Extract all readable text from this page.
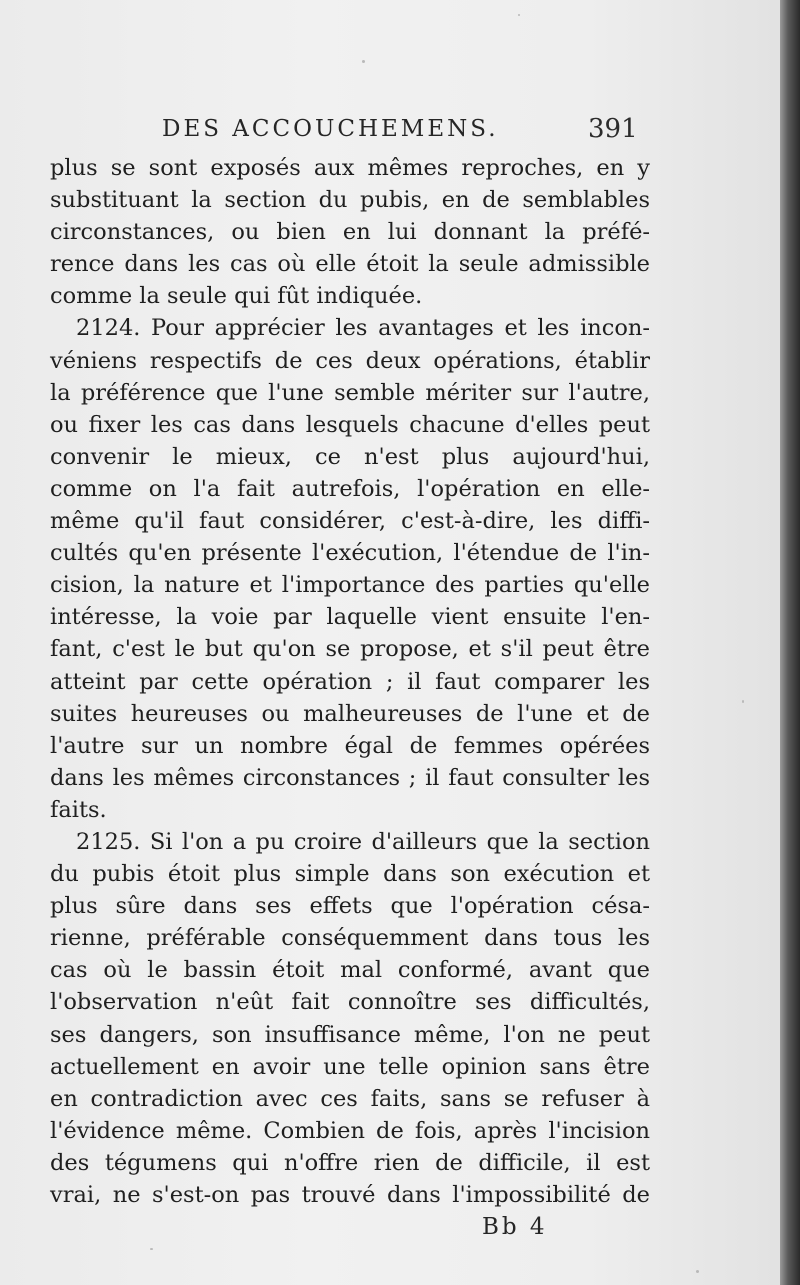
DES ACCOUCHEMENS.	391
plus se sont exposés aux mêmes reproches, en y
substituant la section du pubis, en de semblables
circonstances, ou bien en lui donnant la préfé-
rence dans les cas où elle étoit la seule admissible
comme la seule qui fût indiquée.
2124. Pour apprécier les avantages et les incon-
véniens respectifs de ces deux opérations, établir
la préférence que l'une semble mériter sur l'autre,
ou fixer les cas dans lesquels chacune d'elles peut
convenir le mieux, ce n'est plus aujourd'hui,
comme on l'a fait autrefois, l'opération en elle-
même qu'il faut considérer, c'est-à-dire, les diffi-
cultés qu'en présente l'exécution, l'étendue de l'in-
cision, la nature et l'importance des parties qu'elle
intéresse, la voie par laquelle vient ensuite l'en-
fant, c'est le but qu'on se propose, et s'il peut être
atteint par cette opération ; il faut comparer les
suites heureuses ou malheureuses de l'une et de
l'autre sur un nombre égal de femmes opérées
dans les mêmes circonstances ; il faut consulter les
faits.
2125. Si l'on a pu croire d'ailleurs que la section
du pubis étoit plus simple dans son exécution et
plus sûre dans ses effets que l'opération césa-
rienne, préférable conséquemment dans tous les
cas où le bassin étoit mal conformé, avant que
l'observation n'eût fait connoître ses difficultés,
ses dangers, son insuffisance même, l'on ne peut
actuellement en avoir une telle opinion sans être
en contradiction avec ces faits, sans se refuser à
l'évidence même. Combien de fois, après l'incision
des tégumens qui n'offre rien de difficile, il est
vrai, ne s'est-on pas trouvé dans l'impossibilité de
Bb 4
